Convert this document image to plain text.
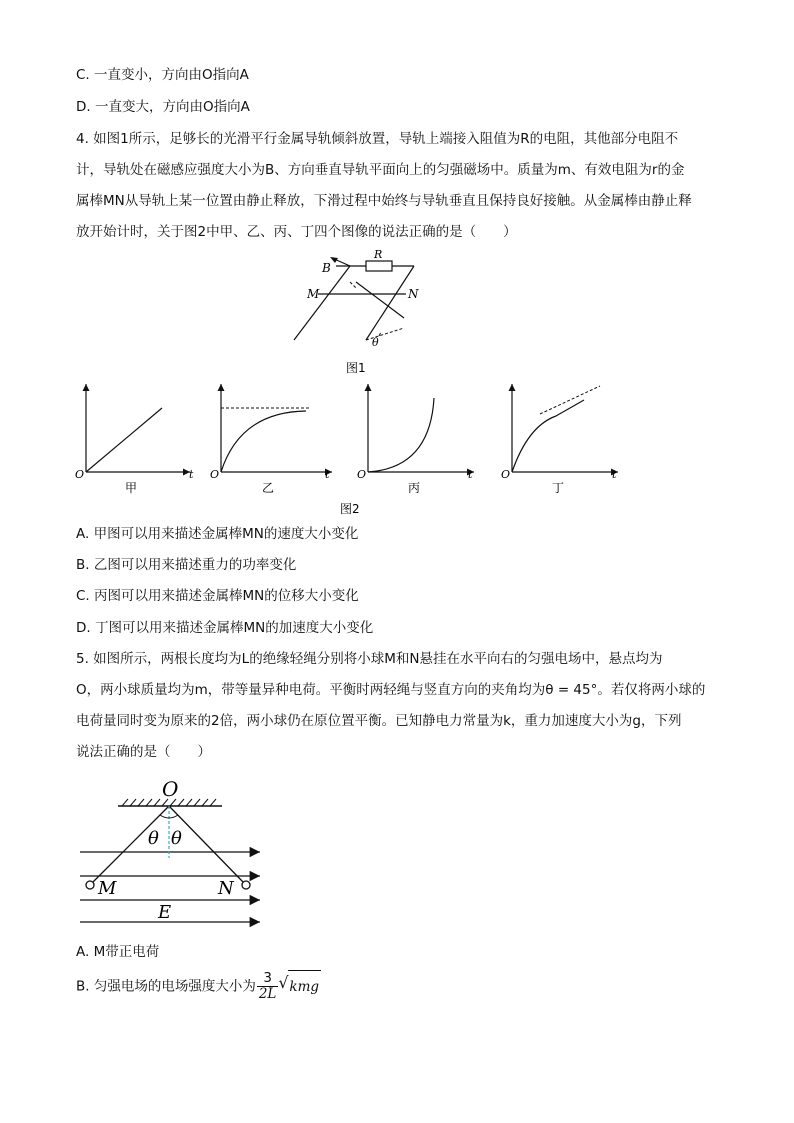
C. 一直变小，方向由O指向A
D. 一直变大，方向由O指向A
4. 如图1所示，足够长的光滑平行金属导轨倾斜放置，导轨上端接入阻值为R的电阻，其他部分电阻不
计，导轨处在磁感应强度大小为B、方向垂直导轨平面向上的匀强磁场中。质量为m、有效电阻为r的金
属棒MN从导轨上某一位置由静止释放，下滑过程中始终与导轨垂直且保持良好接触。从金属棒由静止释
放开始计时，关于图2中甲、乙、丙、丁四个图像的说法正确的是（　　）
B
R
M	N
θ
图1
O	t
甲
O	t
乙
O	t
丙
O	t
丁
图2
A. 甲图可以用来描述金属棒MN的速度大小变化
B. 乙图可以用来描述重力的功率变化
C. 丙图可以用来描述金属棒MN的位移大小变化
D. 丁图可以用来描述金属棒MN的加速度大小变化
5. 如图所示，两根长度均为L的绝缘轻绳分别将小球M和N悬挂在水平向右的匀强电场中，悬点均为
O，两小球质量均为m，带等量异种电荷。平衡时两轻绳与竖直方向的夹角均为θ = 45°。若仅将两小球的
电荷量同时变为原来的2倍，两小球仍在原位置平衡。已知静电力常量为k，重力加速度大小为g，下列
说法正确的是（　　）
O
θ θ
M	N
E
A. M带正电荷
B. 匀强电场的电场强度大小为 $\frac{3}{2L}$
√ kmg
